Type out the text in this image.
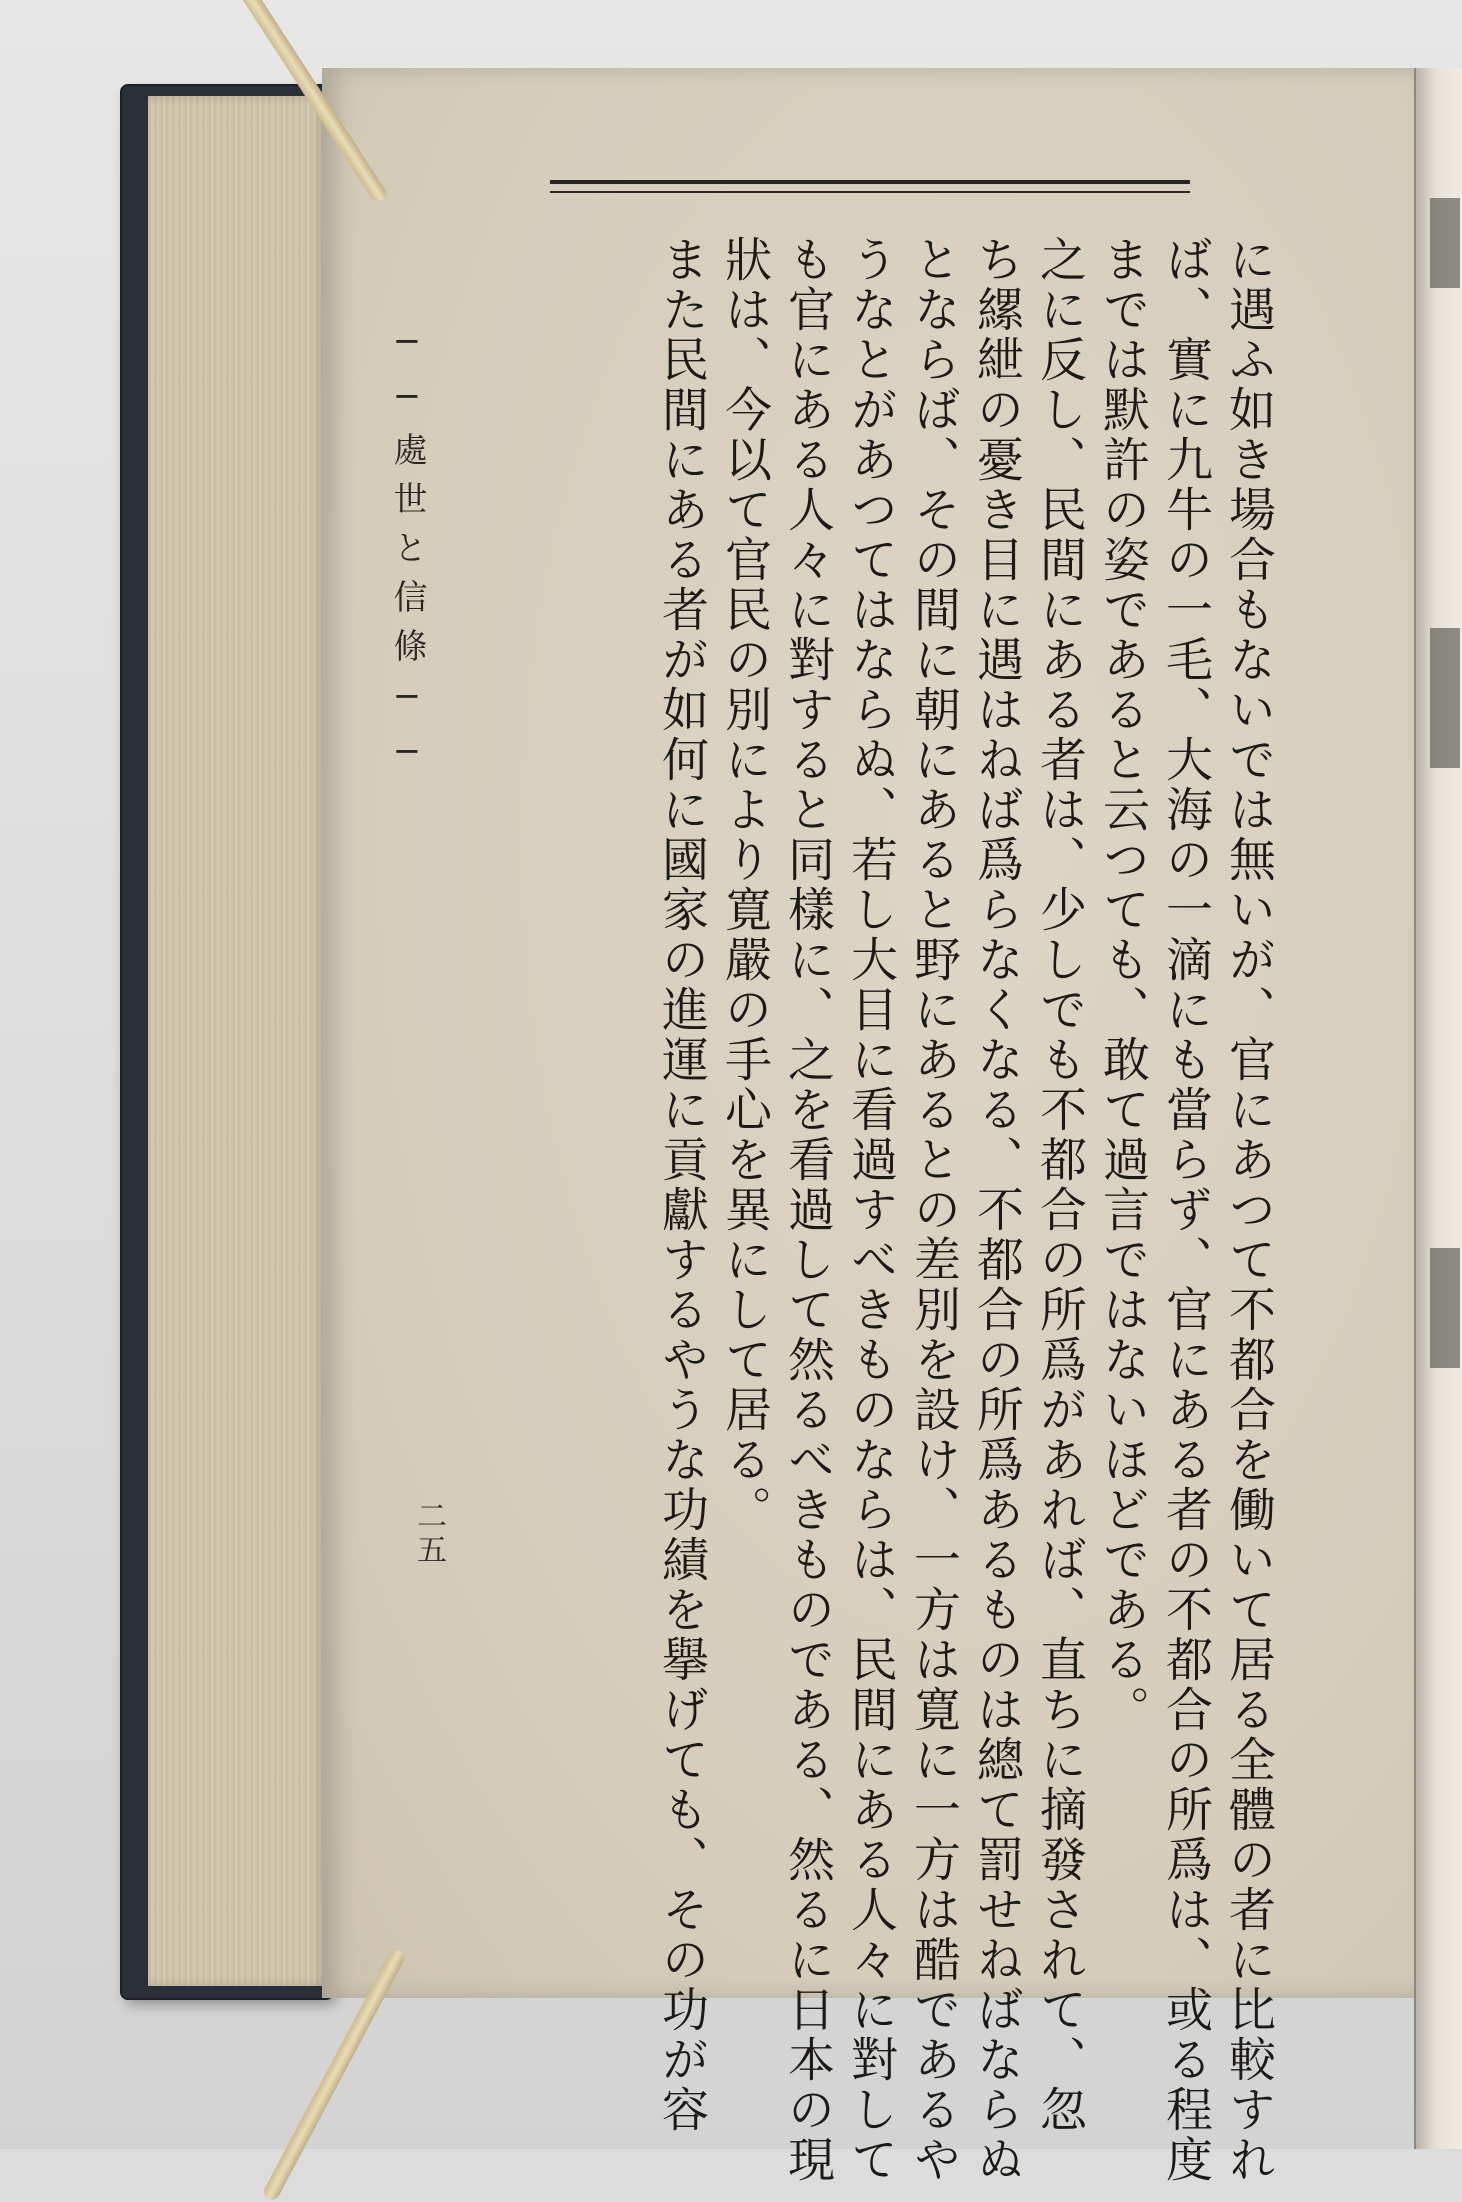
に遇ふ如き場合もないでは無いが、官にあつて不都合を働いて居る全體の者に比較すれ
ば、實に九牛の一毛、大海の一滴にも當らず、官にある者の不都合の所爲は、或る程度
までは默許の姿であると云つても、敢て過言ではないほどである。
之に反し、民間にある者は、少しでも不都合の所爲があれば、直ちに摘發されて、忽
ち縲紲の憂き目に遇はねば爲らなくなる、不都合の所爲あるものは總て罰せねばならぬ
とならば、その間に朝にあると野にあるとの差別を設け、一方は寛に一方は酷であるや
うなとがあつてはならぬ、若し大目に看過すべきものならは、民間にある人々に對して
も官にある人々に對すると同樣に、之を看過して然るべきものである、然るに日本の現
狀は、今以て官民の別により寛嚴の手心を異にして居る。
また民間にある者が如何に國家の進運に貢獻するやうな功績を擧げても、その功が容
──處世と信條──
二五
